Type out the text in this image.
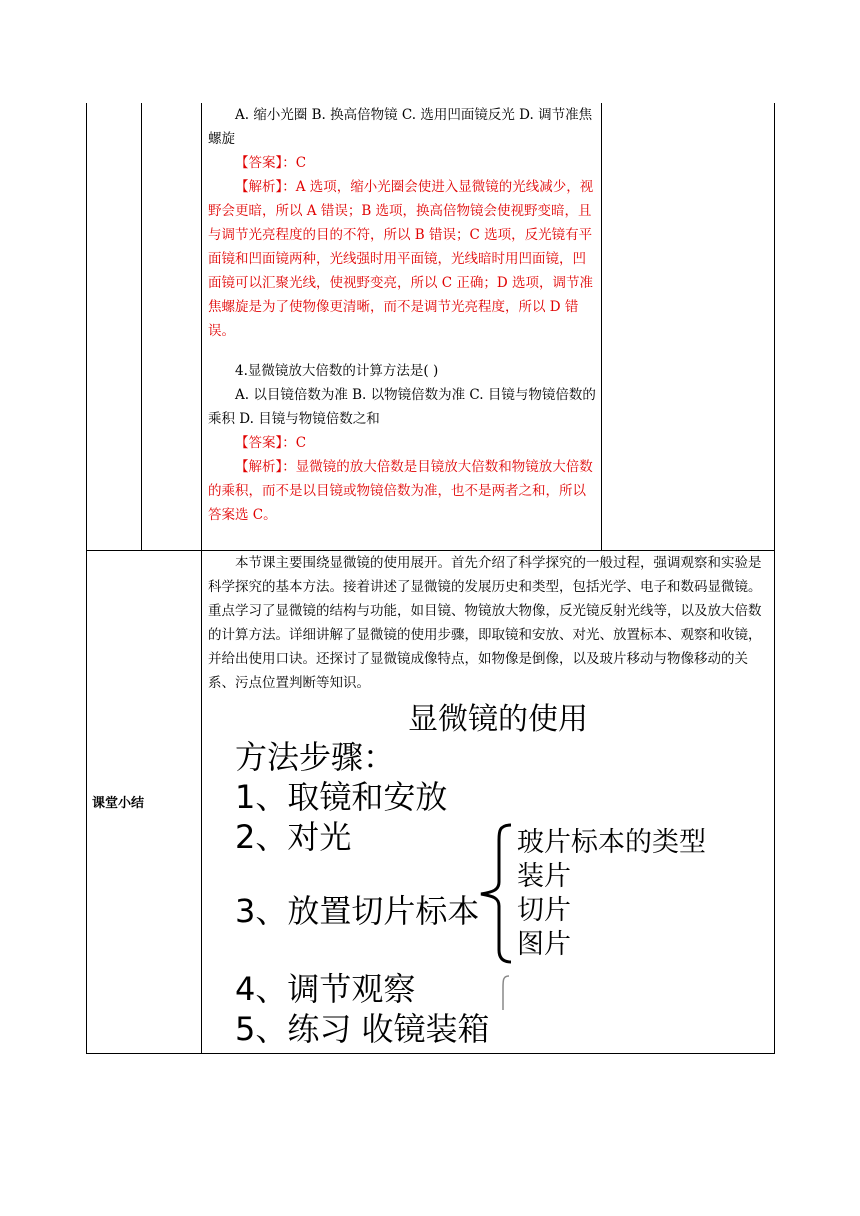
A. 缩小光圈 B. 换高倍物镜 C. 选用凹面镜反光 D. 调节准焦螺旋

【答案】：C

【解析】：A 选项，缩小光圈会使进入显微镜的光线减少，视野会更暗，所以 A 错误；B 选项，换高倍物镜会使视野变暗，且与调节光亮程度的目的不符，所以 B 错误；C 选项，反光镜有平面镜和凹面镜两种，光线强时用平面镜，光线暗时用凹面镜，凹面镜可以汇聚光线，使视野变亮，所以 C 正确；D 选项，调节准焦螺旋是为了使物像更清晰，而不是调节光亮程度，所以 D 错误。

4.显微镜放大倍数的计算方法是( )

A. 以目镜倍数为准 B. 以物镜倍数为准 C. 目镜与物镜倍数的乘积 D. 目镜与物镜倍数之和

【答案】：C

【解析】：显微镜的放大倍数是目镜放大倍数和物镜放大倍数的乘积，而不是以目镜或物镜倍数为准，也不是两者之和，所以答案选 C。

课堂小结

本节课主要围绕显微镜的使用展开。首先介绍了科学探究的一般过程，强调观察和实验是科学探究的基本方法。接着讲述了显微镜的发展历史和类型，包括光学、电子和数码显微镜。重点学习了显微镜的结构与功能，如目镜、物镜放大物像，反光镜反射光线等，以及放大倍数的计算方法。详细讲解了显微镜的使用步骤，即取镜和安放、对光、放置标本、观察和收镜，并给出使用口诀。还探讨了显微镜成像特点，如物像是倒像，以及玻片移动与物像移动的关系、污点位置判断等知识。

显微镜的使用
方法步骤：
1、取镜和安放
2、对光
3、放置切片标本
4、调节观察
5、练习 收镜装箱
玻片标本的类型
装片
切片
图片
